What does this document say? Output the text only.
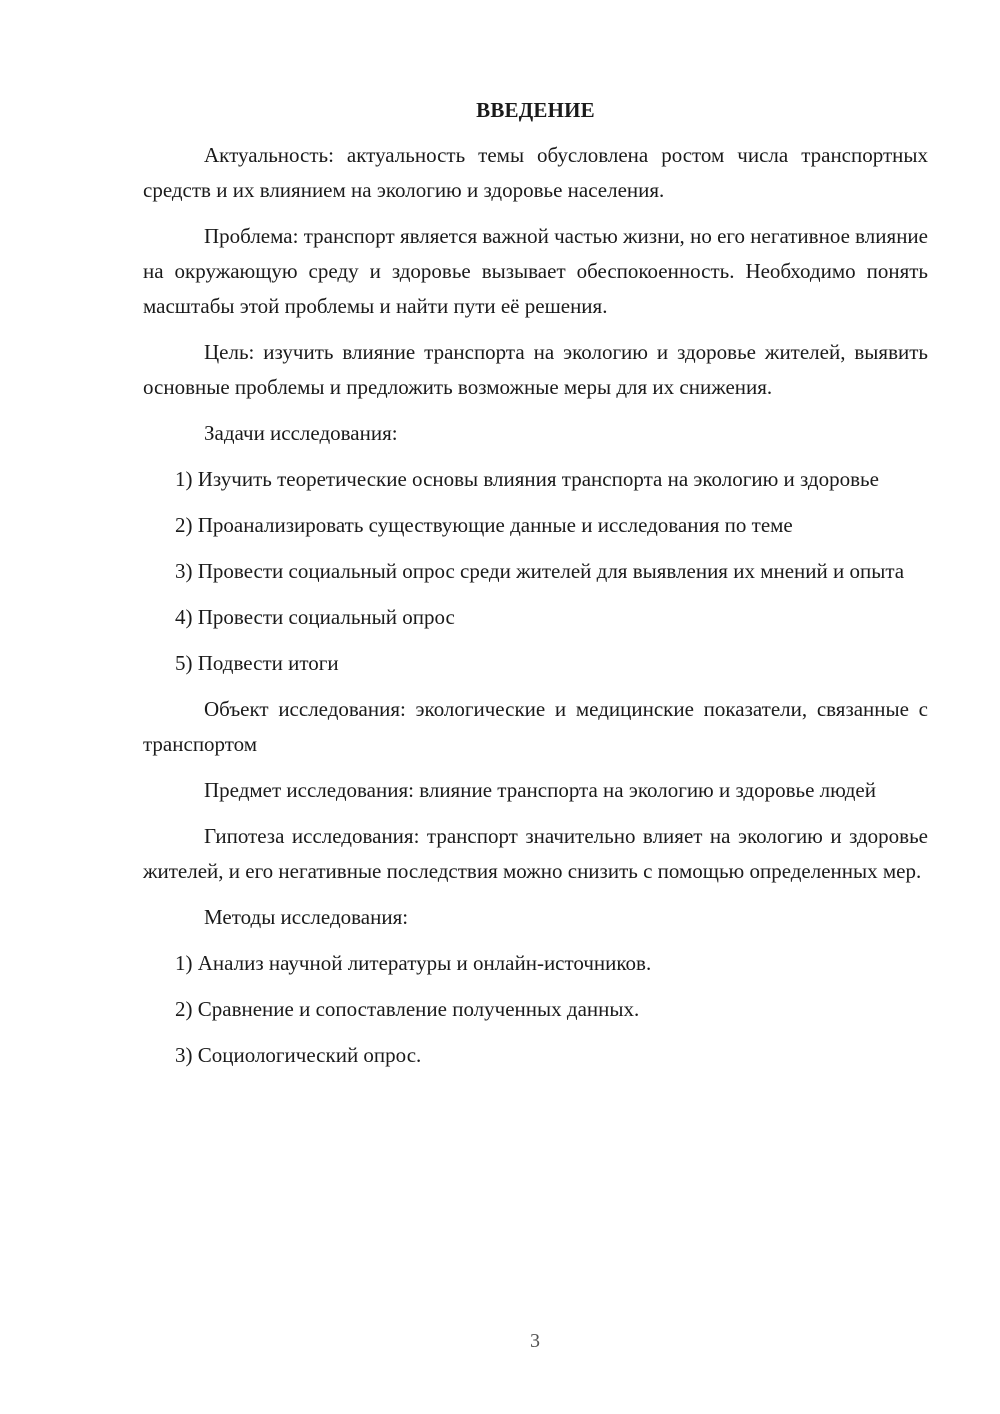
ВВЕДЕНИЕ

Актуальность: актуальность темы обусловлена ростом числа транспортных средств и их влиянием на экологию и здоровье населения.

Проблема: транспорт является важной частью жизни, но его негативное влияние на окружающую среду и здоровье вызывает обеспокоенность. Необходимо понять масштабы этой проблемы и найти пути её решения.

Цель: изучить влияние транспорта на экологию и здоровье жителей, выявить основные проблемы и предложить возможные меры для их снижения.

Задачи исследования:

1) Изучить теоретические основы влияния транспорта на экологию и здоровье

2) Проанализировать существующие данные и исследования по теме

3) Провести социальный опрос среди жителей для выявления их мнений и опыта

4) Провести социальный опрос

5) Подвести итоги

Объект исследования: экологические и медицинские показатели, связанные с транспортом

Предмет исследования: влияние транспорта на экологию и здоровье людей

Гипотеза исследования: транспорт значительно влияет на экологию и здоровье жителей, и его негативные последствия можно снизить с помощью определенных мер.

Методы исследования:

1) Анализ научной литературы и онлайн-источников.

2) Сравнение и сопоставление полученных данных.

3) Социологический опрос.

3
